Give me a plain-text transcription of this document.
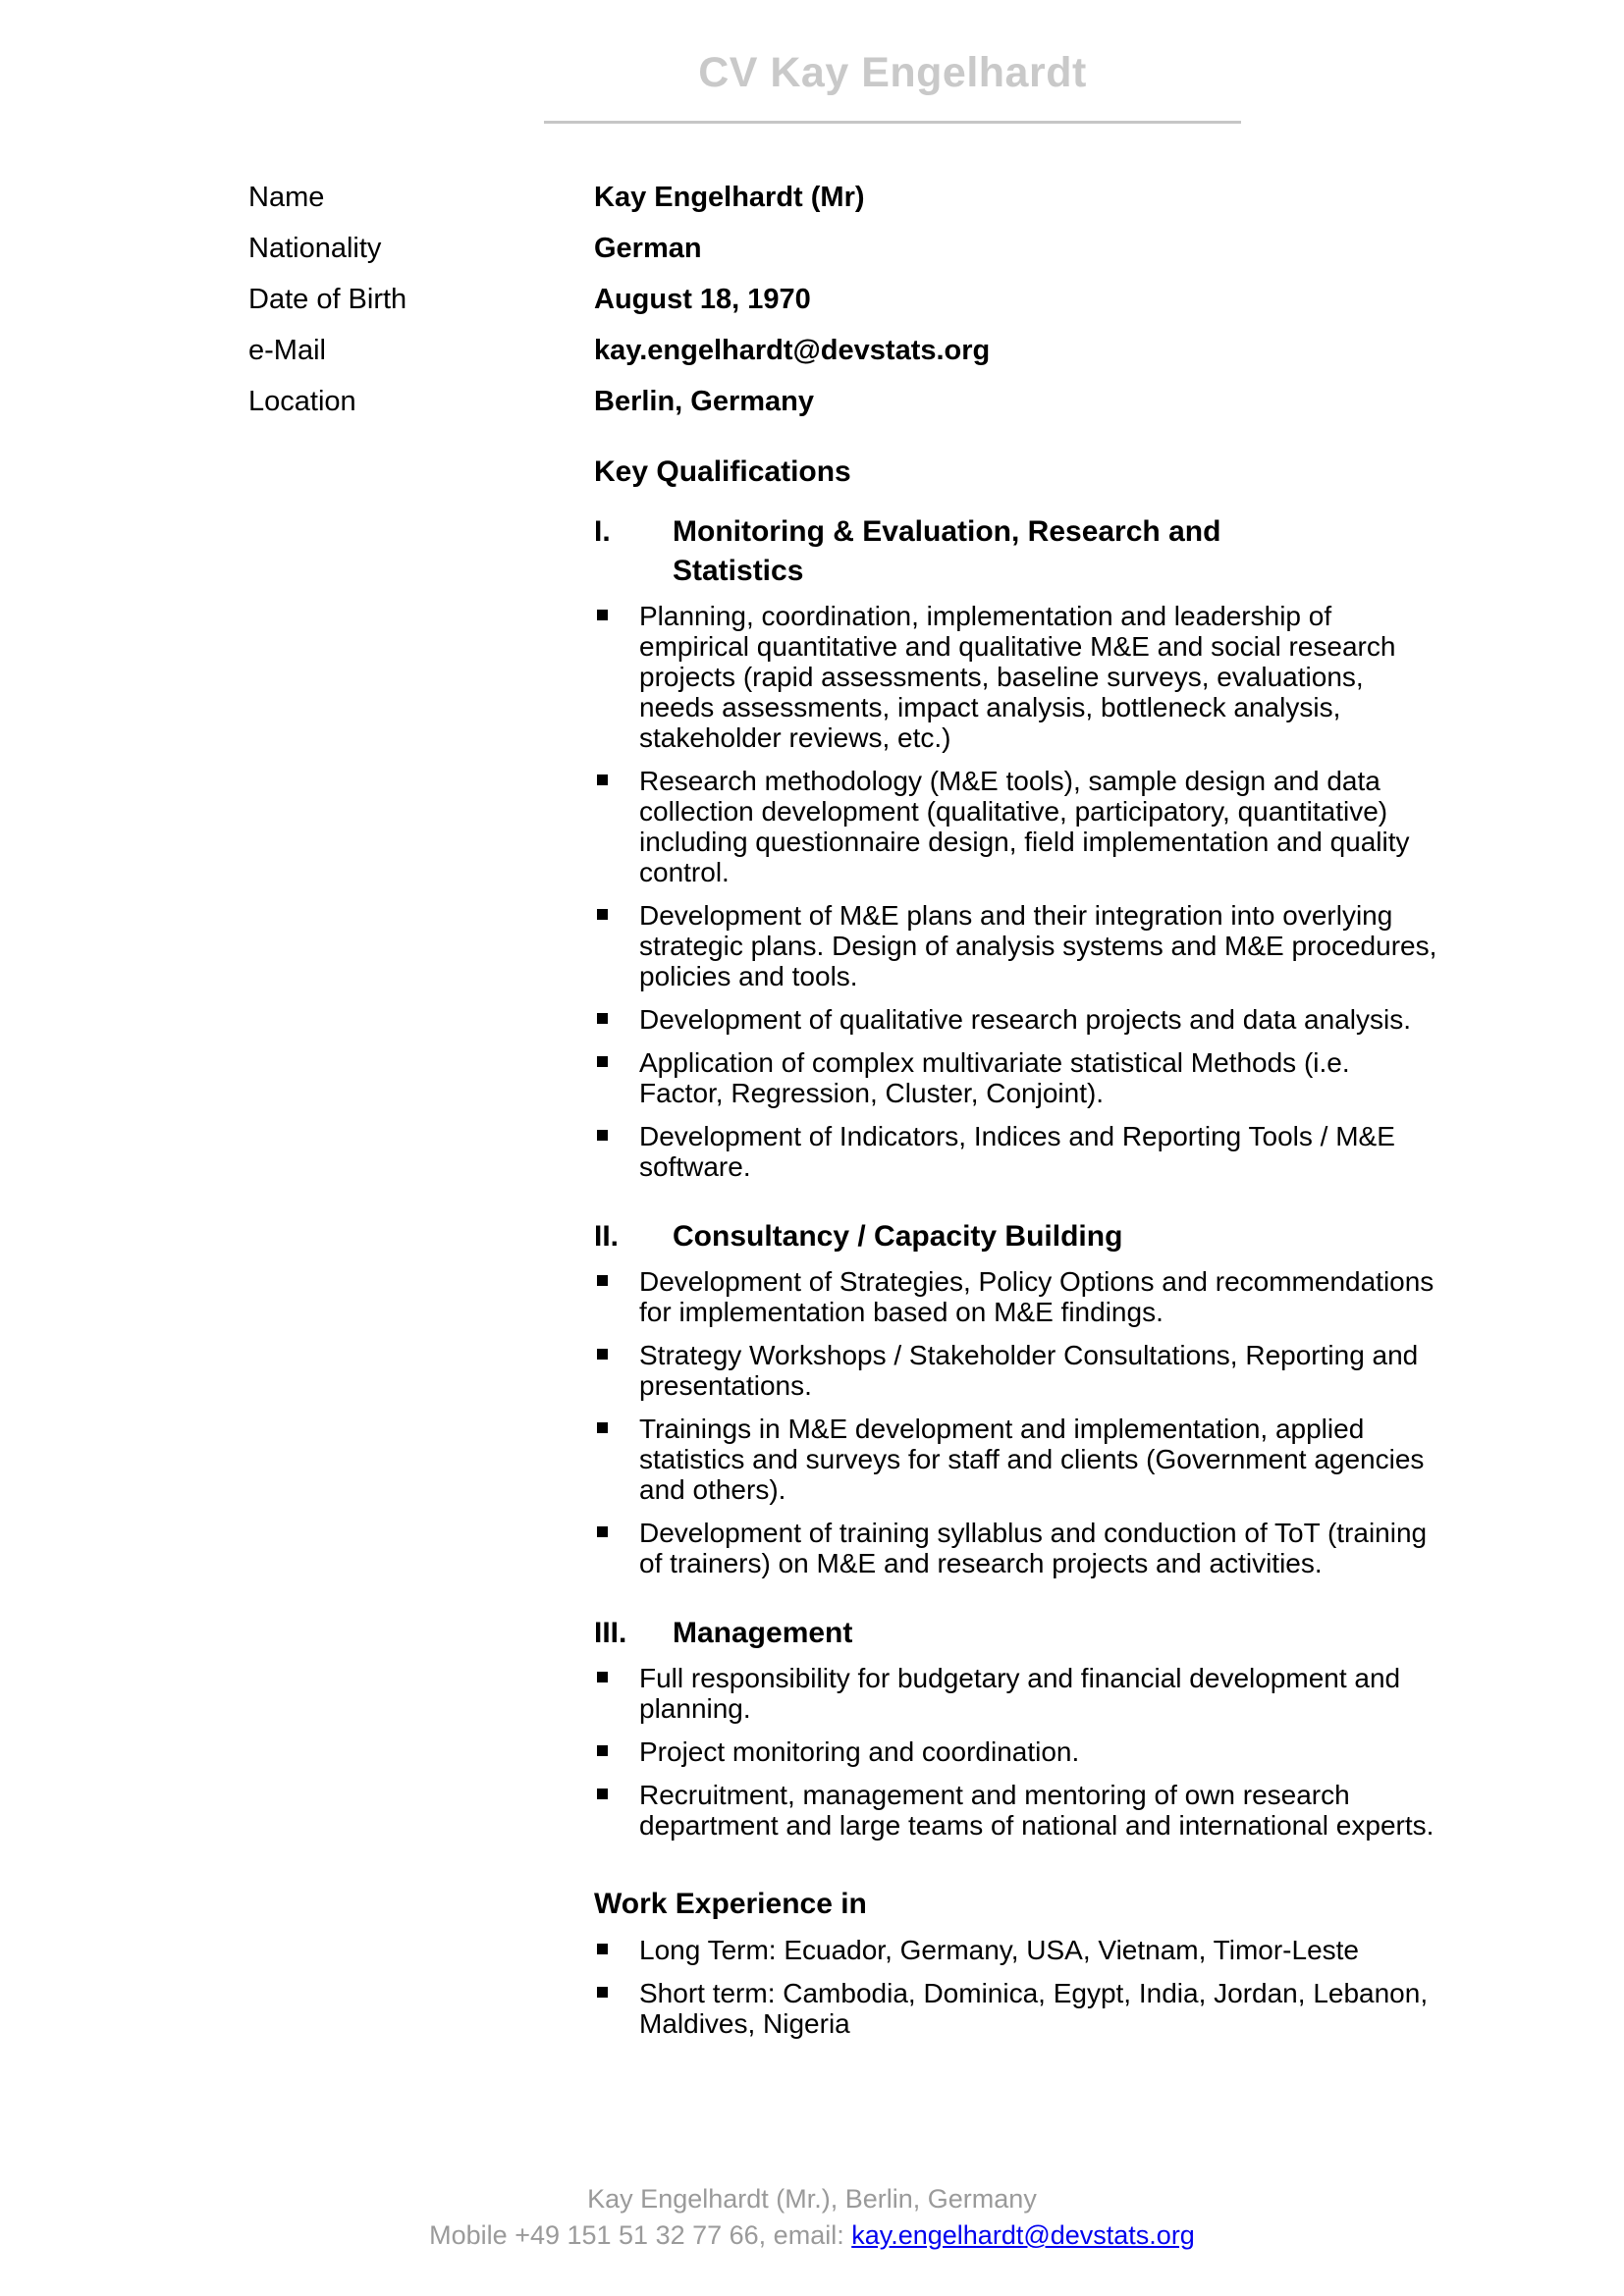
CV Kay Engelhardt
Name	Kay Engelhardt (Mr)
Nationality	German
Date of Birth	August 18, 1970
e-Mail	kay.engelhardt@devstats.org
Location	Berlin, Germany
Key Qualifications
I.	Monitoring & Evaluation, Research and Statistics
Planning, coordination, implementation and leadership of empirical quantitative and qualitative M&E and social research projects (rapid assessments, baseline surveys, evaluations, needs assessments, impact analysis, bottleneck analysis, stakeholder reviews, etc.)
Research methodology (M&E tools), sample design and data collection development (qualitative, participatory, quantitative) including questionnaire design, field implementation and quality control.
Development of M&E plans and their integration into overlying strategic plans. Design of analysis systems and M&E procedures, policies and tools.
Development of qualitative research projects and data analysis.
Application of complex multivariate statistical Methods (i.e. Factor, Regression, Cluster, Conjoint).
Development of Indicators, Indices and Reporting Tools / M&E software.
II.	Consultancy / Capacity Building
Development of Strategies, Policy Options and recommendations for implementation based on M&E findings.
Strategy Workshops / Stakeholder Consultations, Reporting and presentations.
Trainings in M&E development and implementation, applied statistics and surveys for staff and clients (Government agencies and others).
Development of training syllablus and conduction of ToT (training of trainers) on M&E and research projects and activities.
III.	Management
Full responsibility for budgetary and financial development and planning.
Project monitoring and coordination.
Recruitment, management and mentoring of own research department and large teams of national and international experts.
Work Experience in
Long Term: Ecuador, Germany, USA, Vietnam, Timor-Leste
Short term: Cambodia, Dominica, Egypt, India, Jordan, Lebanon, Maldives, Nigeria
Kay Engelhardt (Mr.), Berlin, Germany
Mobile +49 151 51 32 77 66, email: kay.engelhardt@devstats.org
